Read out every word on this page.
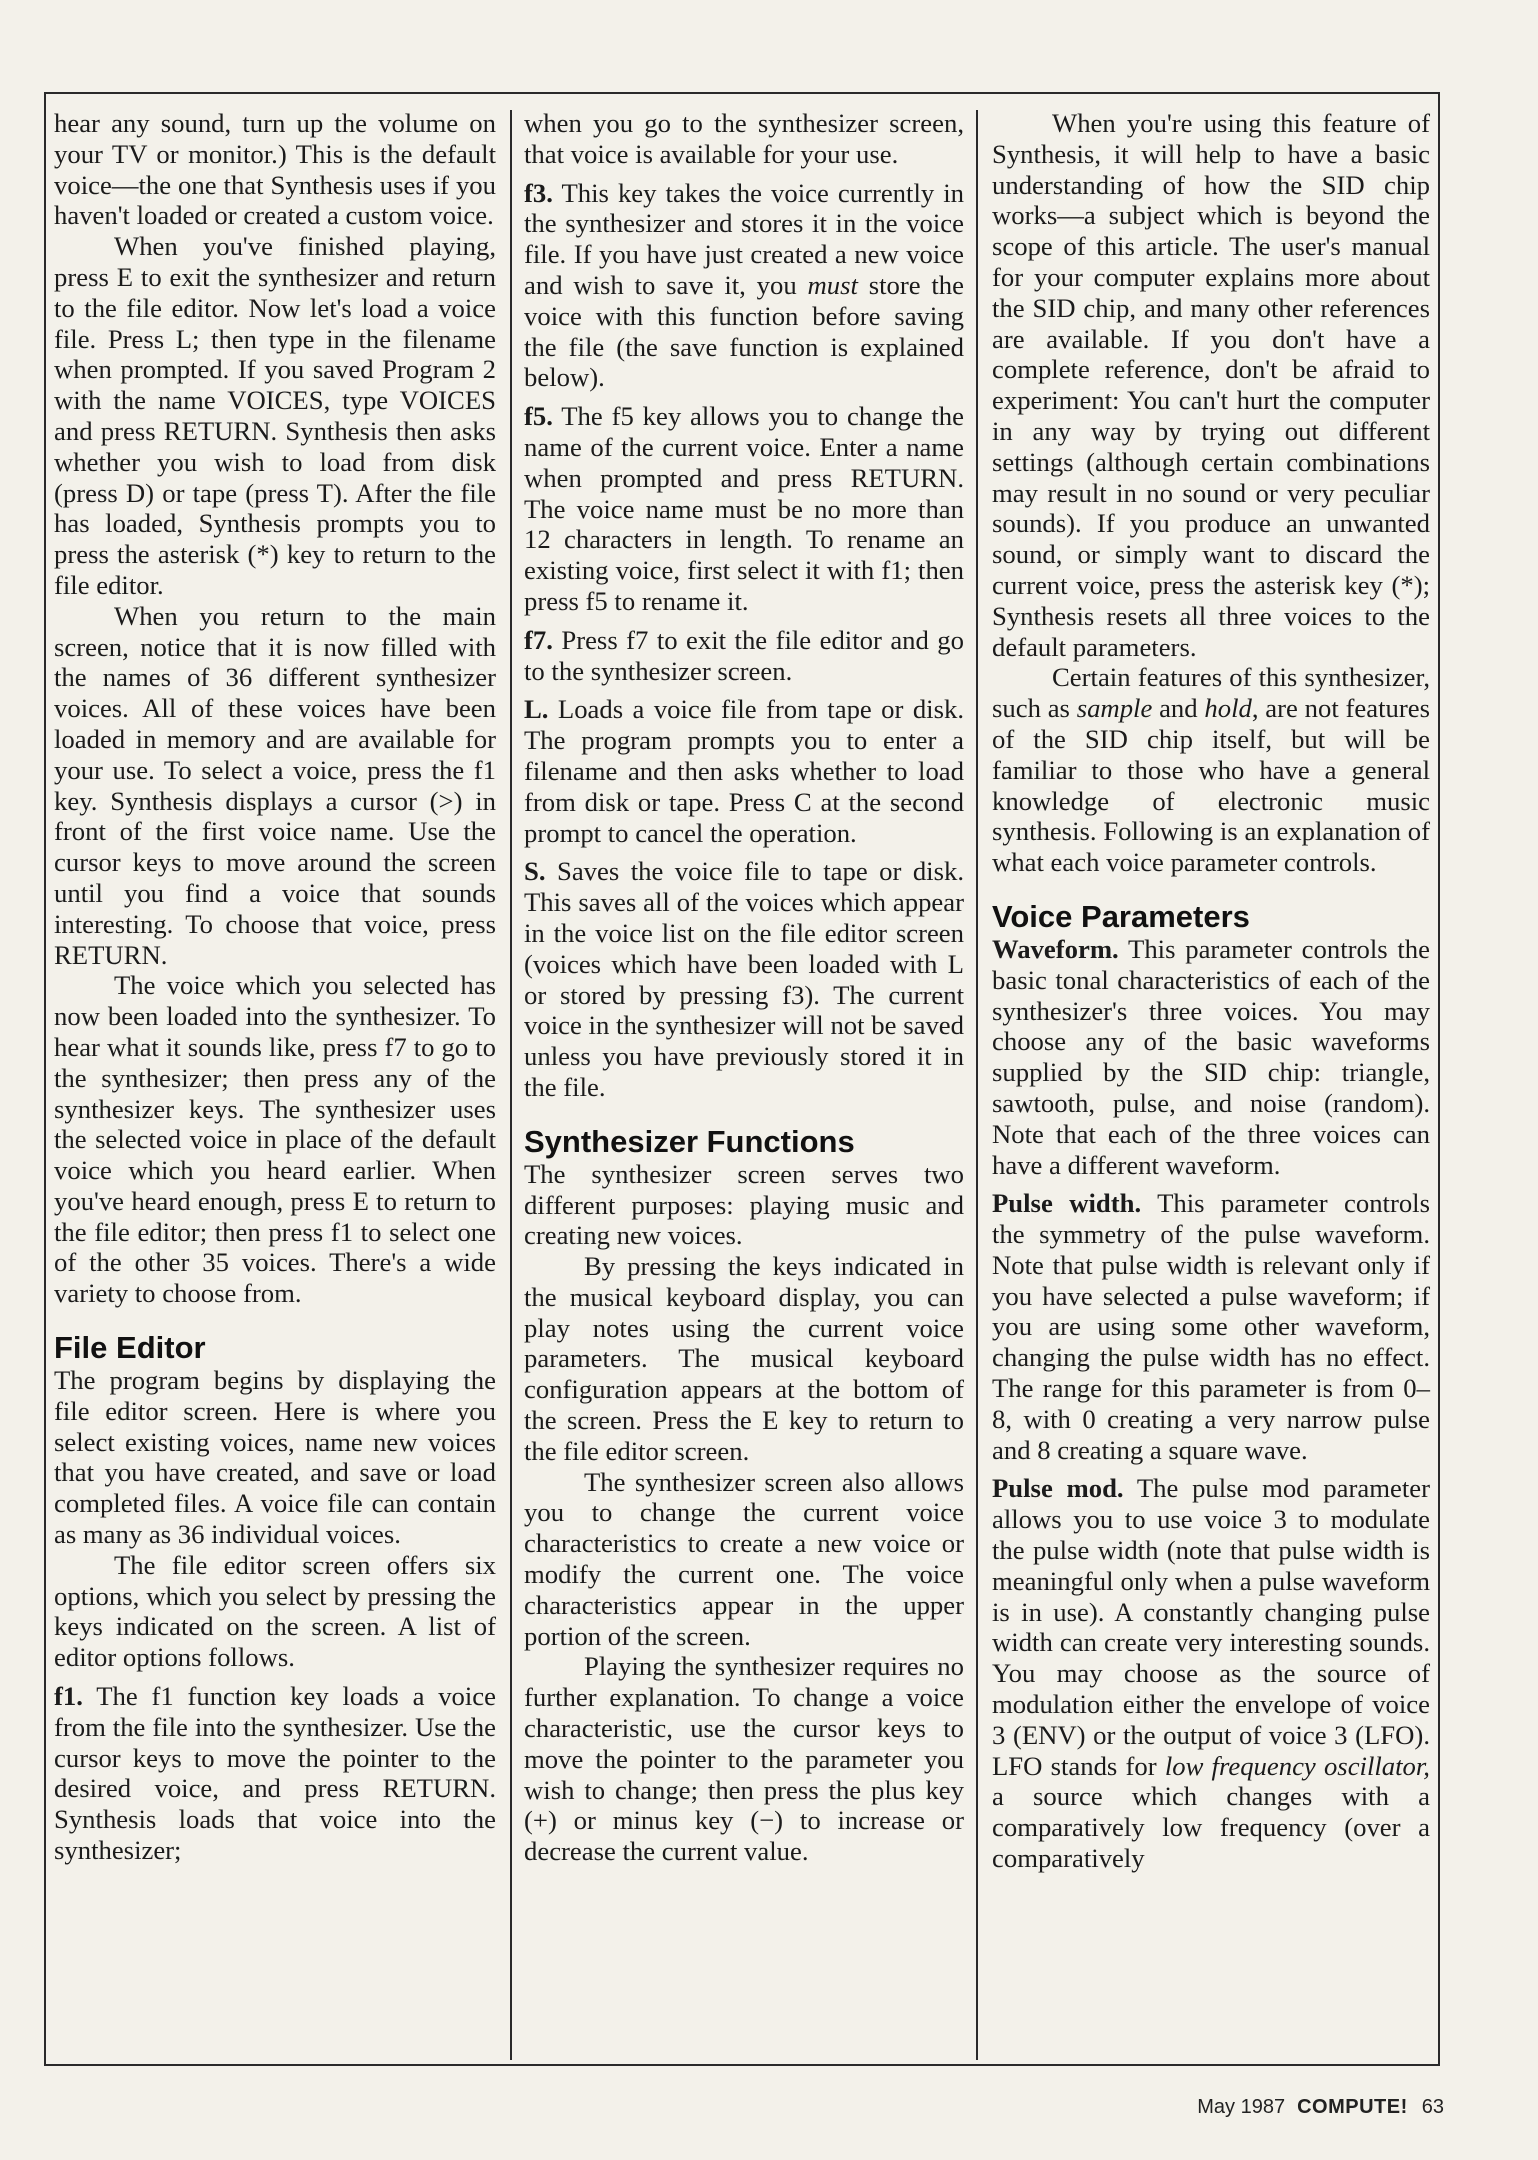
hear any sound, turn up the volume on your TV or monitor.) This is the default voice—the one that Synthesis uses if you haven't loaded or created a custom voice.

When you've finished playing, press E to exit the synthesizer and return to the file editor. Now let's load a voice file. Press L; then type in the filename when prompted. If you saved Program 2 with the name VOICES, type VOICES and press RETURN. Synthesis then asks whether you wish to load from disk (press D) or tape (press T). After the file has loaded, Synthesis prompts you to press the asterisk (*) key to return to the file editor.

When you return to the main screen, notice that it is now filled with the names of 36 different synthesizer voices. All of these voices have been loaded in memory and are available for your use. To select a voice, press the f1 key. Synthesis displays a cursor (>) in front of the first voice name. Use the cursor keys to move around the screen until you find a voice that sounds interesting. To choose that voice, press RETURN.

The voice which you selected has now been loaded into the synthesizer. To hear what it sounds like, press f7 to go to the synthesizer; then press any of the synthesizer keys. The synthesizer uses the selected voice in place of the default voice which you heard earlier. When you've heard enough, press E to return to the file editor; then press f1 to select one of the other 35 voices. There's a wide variety to choose from.

File Editor

The program begins by displaying the file editor screen. Here is where you select existing voices, name new voices that you have created, and save or load completed files. A voice file can contain as many as 36 individual voices.

The file editor screen offers six options, which you select by pressing the keys indicated on the screen. A list of editor options follows.

f1. The f1 function key loads a voice from the file into the synthesizer. Use the cursor keys to move the pointer to the desired voice, and press RETURN. Synthesis loads that voice into the synthesizer;

when you go to the synthesizer screen, that voice is available for your use.

f3. This key takes the voice currently in the synthesizer and stores it in the voice file. If you have just created a new voice and wish to save it, you must store the voice with this function before saving the file (the save function is explained below).

f5. The f5 key allows you to change the name of the current voice. Enter a name when prompted and press RETURN. The voice name must be no more than 12 characters in length. To rename an existing voice, first select it with f1; then press f5 to rename it.

f7. Press f7 to exit the file editor and go to the synthesizer screen.

L. Loads a voice file from tape or disk. The program prompts you to enter a filename and then asks whether to load from disk or tape. Press C at the second prompt to cancel the operation.

S. Saves the voice file to tape or disk. This saves all of the voices which appear in the voice list on the file editor screen (voices which have been loaded with L or stored by pressing f3). The current voice in the synthesizer will not be saved unless you have previously stored it in the file.

Synthesizer Functions

The synthesizer screen serves two different purposes: playing music and creating new voices.

By pressing the keys indicated in the musical keyboard display, you can play notes using the current voice parameters. The musical keyboard configuration appears at the bottom of the screen. Press the E key to return to the file editor screen.

The synthesizer screen also allows you to change the current voice characteristics to create a new voice or modify the current one. The voice characteristics appear in the upper portion of the screen.

Playing the synthesizer requires no further explanation. To change a voice characteristic, use the cursor keys to move the pointer to the parameter you wish to change; then press the plus key (+) or minus key (−) to increase or decrease the current value.

When you're using this feature of Synthesis, it will help to have a basic understanding of how the SID chip works—a subject which is beyond the scope of this article. The user's manual for your computer explains more about the SID chip, and many other references are available. If you don't have a complete reference, don't be afraid to experiment: You can't hurt the computer in any way by trying out different settings (although certain combinations may result in no sound or very peculiar sounds). If you produce an unwanted sound, or simply want to discard the current voice, press the asterisk key (*); Synthesis resets all three voices to the default parameters.

Certain features of this synthesizer, such as sample and hold, are not features of the SID chip itself, but will be familiar to those who have a general knowledge of electronic music synthesis. Following is an explanation of what each voice parameter controls.

Voice Parameters

Waveform. This parameter controls the basic tonal characteristics of each of the synthesizer's three voices. You may choose any of the basic waveforms supplied by the SID chip: triangle, sawtooth, pulse, and noise (random). Note that each of the three voices can have a different waveform.

Pulse width. This parameter controls the symmetry of the pulse waveform. Note that pulse width is relevant only if you have selected a pulse waveform; if you are using some other waveform, changing the pulse width has no effect. The range for this parameter is from 0–8, with 0 creating a very narrow pulse and 8 creating a square wave.

Pulse mod. The pulse mod parameter allows you to use voice 3 to modulate the pulse width (note that pulse width is meaningful only when a pulse waveform is in use). A constantly changing pulse width can create very interesting sounds. You may choose as the source of modulation either the envelope of voice 3 (ENV) or the output of voice 3 (LFO). LFO stands for low frequency oscillator, a source which changes with a comparatively low frequency (over a comparatively

May 1987 COMPUTE! 63
